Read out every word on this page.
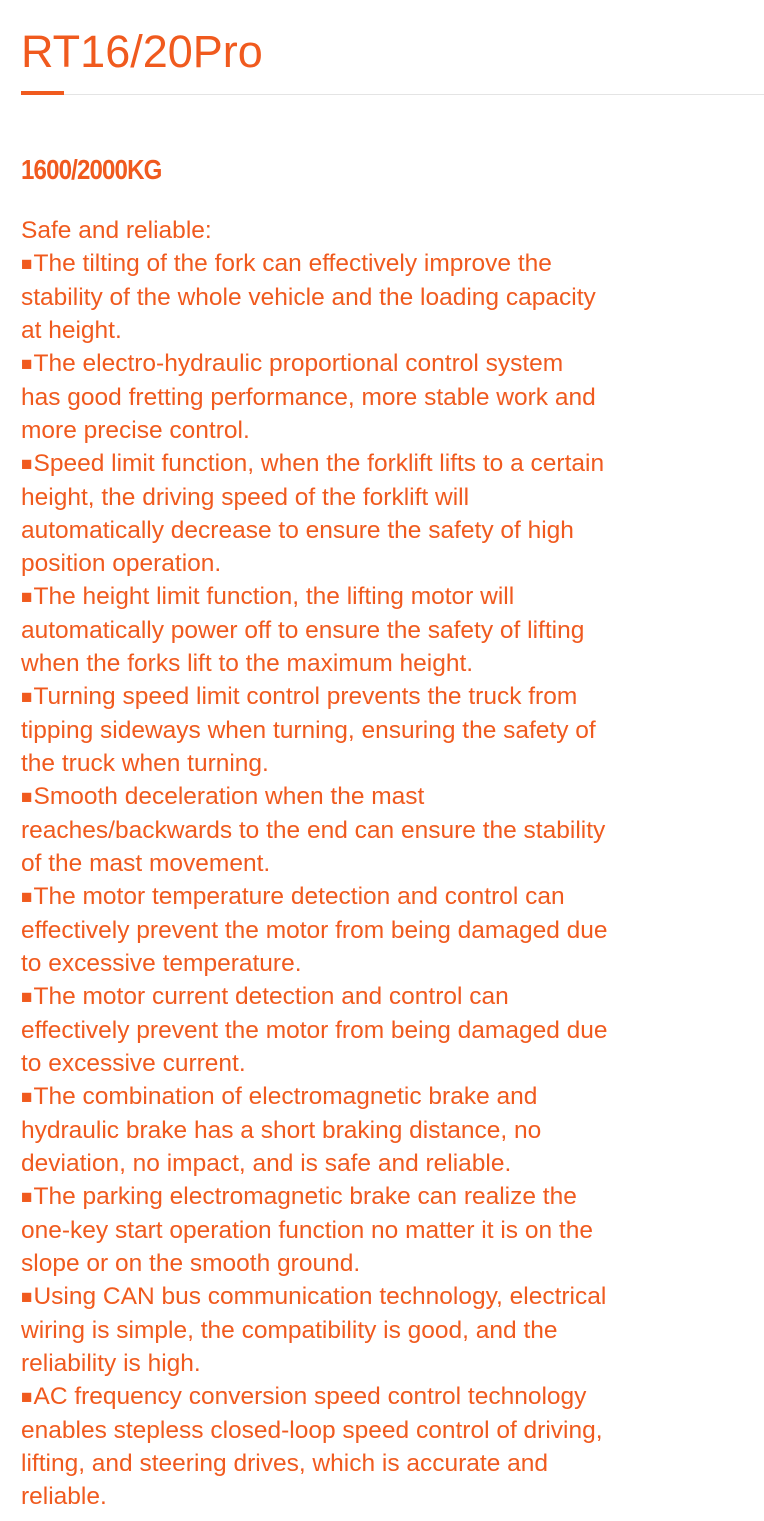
RT16/20Pro
1600/2000KG

Safe and reliable:

■The tilting of the fork can effectively improve the
stability of the whole vehicle and the loading capacity
at height.
■The electro-hydraulic proportional control system
has good fretting performance, more stable work and
more precise control.
■Speed limit function, when the forklift lifts to a certain
height, the driving speed of the forklift will
automatically decrease to ensure the safety of high
position operation.
■The height limit function, the lifting motor will
automatically power off to ensure the safety of lifting
when the forks lift to the maximum height.
■Turning speed limit control prevents the truck from
tipping sideways when turning, ensuring the safety of
the truck when turning.
■Smooth deceleration when the mast
reaches/backwards to the end can ensure the stability
of the mast movement.
■The motor temperature detection and control can
effectively prevent the motor from being damaged due
to excessive temperature.
■The motor current detection and control can
effectively prevent the motor from being damaged due
to excessive current.
■The combination of electromagnetic brake and
hydraulic brake has a short braking distance, no
deviation, no impact, and is safe and reliable.
■The parking electromagnetic brake can realize the
one-key start operation function no matter it is on the
slope or on the smooth ground.
■Using CAN bus communication technology, electrical
wiring is simple, the compatibility is good, and the
reliability is high.
■AC frequency conversion speed control technology
enables stepless closed-loop speed control of driving,
lifting, and steering drives, which is accurate and
reliable.
